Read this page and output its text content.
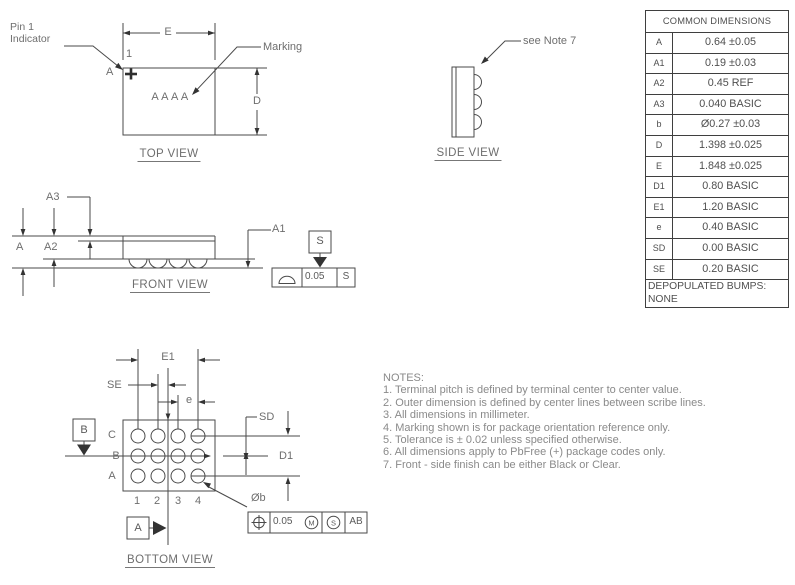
Pin 1
Indicator
1
A
E
D
AAAA
Marking
TOP VIEW
see Note 7
SIDE VIEW
A3
A A2
A1
S
0.05 S
FRONT VIEW
E1
SE
e
SD
D1
Øb
C
B
A
1 2 3 4
B
A
0.05 M S AB
BOTTOM VIEW
NOTES:
1. Terminal pitch is defined by terminal center to center value.
2. Outer dimension is defined by center lines between scribe lines.
3. All dimensions in millimeter.
4. Marking shown is for package orientation reference only.
5. Tolerance is ± 0.02 unless specified otherwise.
6. All dimensions apply to PbFree (+) package codes only.
7. Front - side finish can be either Black or Clear.
COMMON DIMENSIONS
A	0.64 ±0.05
A1	0.19 ±0.03
A2	0.45 REF
A3	0.040 BASIC
b	Ø0.27 ±0.03
D	1.398 ±0.025
E	1.848 ±0.025
D1	0.80 BASIC
E1	1.20 BASIC
e	0.40 BASIC
SD	0.00 BASIC
SE	0.20 BASIC
DEPOPULATED BUMPS:
NONE
